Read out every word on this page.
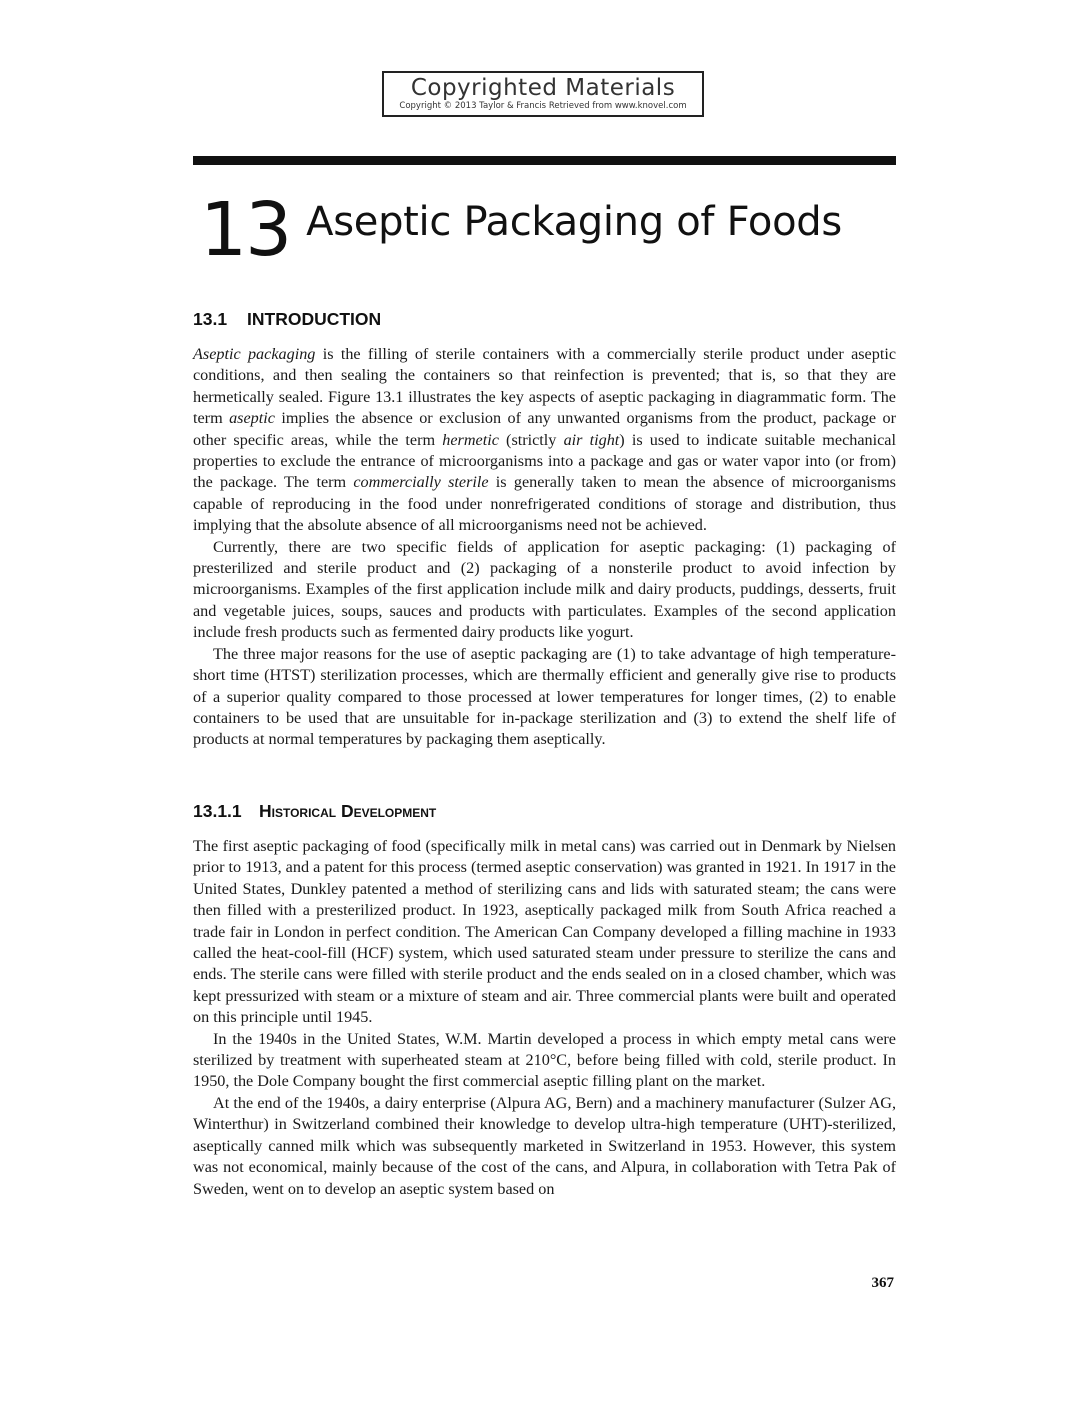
Copyrighted Materials
Copyright © 2013 Taylor & Francis Retrieved from www.knovel.com
13 Aseptic Packaging of Foods
13.1 INTRODUCTION

Aseptic packaging is the filling of sterile containers with a commercially sterile product under aseptic conditions, and then sealing the containers so that reinfection is prevented; that is, so that they are hermetically sealed. Figure 13.1 illustrates the key aspects of aseptic packaging in diagrammatic form. The term aseptic implies the absence or exclusion of any unwanted organisms from the product, package or other specific areas, while the term hermetic (strictly air tight) is used to indicate suitable mechanical properties to exclude the entrance of microorganisms into a package and gas or water vapor into (or from) the package. The term commercially sterile is generally taken to mean the absence of microorganisms capable of reproducing in the food under nonrefrigerated conditions of storage and distribution, thus implying that the absolute absence of all microorganisms need not be achieved.

Currently, there are two specific fields of application for aseptic packaging: (1) packaging of presterilized and sterile product and (2) packaging of a nonsterile product to avoid infection by microorganisms. Examples of the first application include milk and dairy products, puddings, desserts, fruit and vegetable juices, soups, sauces and products with particulates. Examples of the second application include fresh products such as fermented dairy products like yogurt.

The three major reasons for the use of aseptic packaging are (1) to take advantage of high temperature-short time (HTST) sterilization processes, which are thermally efficient and generally give rise to products of a superior quality compared to those processed at lower temperatures for longer times, (2) to enable containers to be used that are unsuitable for in-package sterilization and (3) to extend the shelf life of products at normal temperatures by packaging them aseptically.

13.1.1 Historical Development

The first aseptic packaging of food (specifically milk in metal cans) was carried out in Denmark by Nielsen prior to 1913, and a patent for this process (termed aseptic conservation) was granted in 1921. In 1917 in the United States, Dunkley patented a method of sterilizing cans and lids with saturated steam; the cans were then filled with a presterilized product. In 1923, aseptically packaged milk from South Africa reached a trade fair in London in perfect condition. The American Can Company developed a filling machine in 1933 called the heat-cool-fill (HCF) system, which used saturated steam under pressure to sterilize the cans and ends. The sterile cans were filled with sterile product and the ends sealed on in a closed chamber, which was kept pressurized with steam or a mixture of steam and air. Three commercial plants were built and operated on this principle until 1945.

In the 1940s in the United States, W.M. Martin developed a process in which empty metal cans were sterilized by treatment with superheated steam at 210°C, before being filled with cold, sterile product. In 1950, the Dole Company bought the first commercial aseptic filling plant on the market.

At the end of the 1940s, a dairy enterprise (Alpura AG, Bern) and a machinery manufacturer (Sulzer AG, Winterthur) in Switzerland combined their knowledge to develop ultra-high temperature (UHT)-sterilized, aseptically canned milk which was subsequently marketed in Switzerland in 1953. However, this system was not economical, mainly because of the cost of the cans, and Alpura, in collaboration with Tetra Pak of Sweden, went on to develop an aseptic system based on

367
